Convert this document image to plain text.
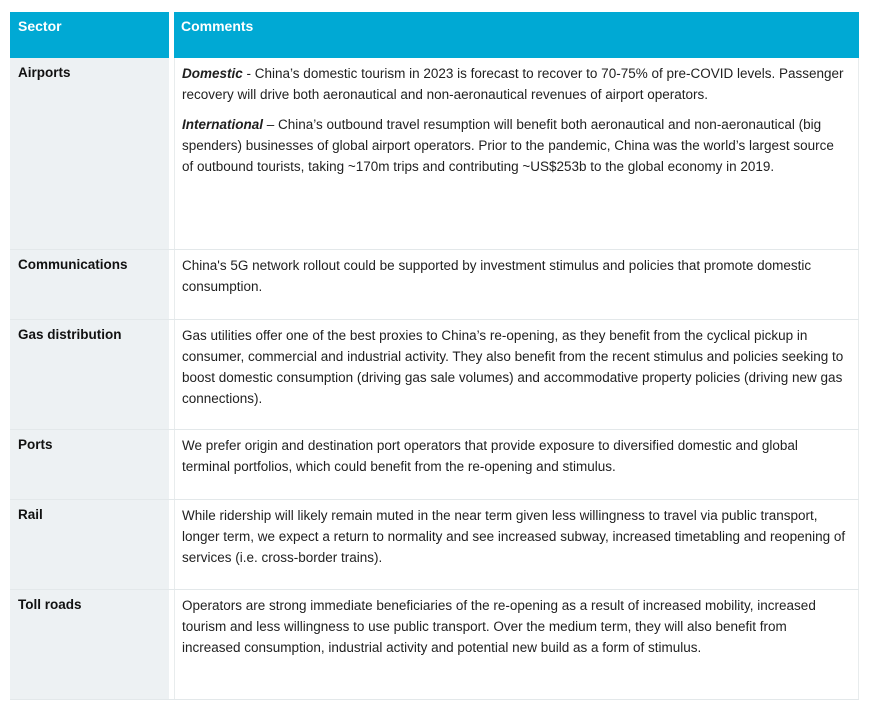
Sector	Comments
Airports	Domestic - China’s domestic tourism in 2023 is forecast to recover to 70-75% of pre-COVID levels. Passenger recovery will drive both aeronautical and non-aeronautical revenues of airport operators.

International – China’s outbound travel resumption will benefit both aeronautical and non-aeronautical (big spenders) businesses of global airport operators. Prior to the pandemic, China was the world’s largest source of outbound tourists, taking ~170m trips and contributing ~US$253b to the global economy in 2019.

Communications	China's 5G network rollout could be supported by investment stimulus and policies that promote domestic consumption.

Gas distribution	Gas utilities offer one of the best proxies to China’s re-opening, as they benefit from the cyclical pickup in consumer, commercial and industrial activity. They also benefit from the recent stimulus and policies seeking to boost domestic consumption (driving gas sale volumes) and accommodative property policies (driving new gas connections).

Ports	We prefer origin and destination port operators that provide exposure to diversified domestic and global terminal portfolios, which could benefit from the re-opening and stimulus.

Rail	While ridership will likely remain muted in the near term given less willingness to travel via public transport, longer term, we expect a return to normality and see increased subway, increased timetabling and reopening of services (i.e. cross-border trains).

Toll roads	Operators are strong immediate beneficiaries of the re-opening as a result of increased mobility, increased tourism and less willingness to use public transport. Over the medium term, they will also benefit from increased consumption, industrial activity and potential new build as a form of stimulus.
